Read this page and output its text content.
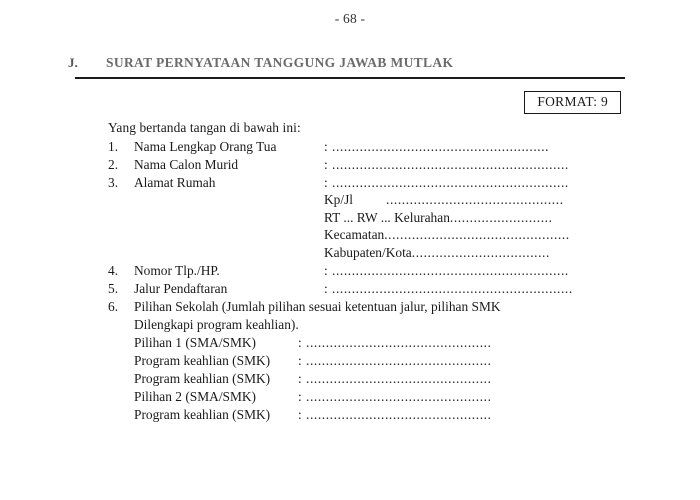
- 68 -
J.	SURAT PERNYATAAN TANGGUNG JAWAB MUTLAK
FORMAT: 9
Yang bertanda tangan di bawah ini:
1.	Nama Lengkap Orang Tua	: .......................................................
2.	Nama Calon Murid	: ............................................................
3.	Alamat Rumah	: ............................................................
Kp/Jl	.............................................
RT ... RW ... Kelurahan ..........................
Kecamatan ...............................................
Kabupaten/Kota ...................................
4.	Nomor Tlp./HP.	: ............................................................
5.	Jalur Pendaftaran	: .............................................................
6.	Pilihan Sekolah (Jumlah pilihan sesuai ketentuan jalur, pilihan SMK
Dilengkapi program keahlian).
Pilihan 1 (SMA/SMK)	: ...............................................
Program keahlian (SMK)	: ...............................................
Program keahlian (SMK)	: ...............................................
Pilihan 2 (SMA/SMK)	: ...............................................
Program keahlian (SMK)	: ...............................................
